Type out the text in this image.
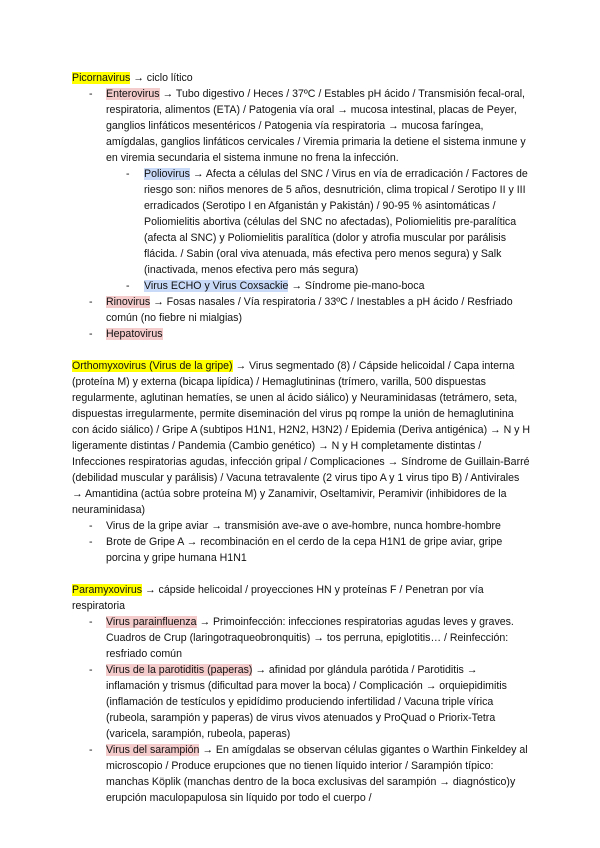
Picornavirus → ciclo lítico

- Enterovirus → Tubo digestivo / Heces / 37ºC / Estables pH ácido / Transmisión fecal-oral, respiratoria, alimentos (ETA) / Patogenia vía oral → mucosa intestinal, placas de Peyer, ganglios linfáticos mesentéricos / Patogenia vía respiratoria → mucosa faríngea, amígdalas, ganglios linfáticos cervicales / Viremia primaria la detiene el sistema inmune y en viremia secundaria el sistema inmune no frena la infección.
- Poliovirus → Afecta a células del SNC / Virus en vía de erradicación / Factores de riesgo son: niños menores de 5 años, desnutrición, clima tropical / Serotipo II y III erradicados (Serotipo I en Afganistán y Pakistán) / 90-95 % asintomáticas / Poliomielitis abortiva (células del SNC no afectadas), Poliomielitis pre-paralítica (afecta al SNC) y Poliomielitis paralítica (dolor y atrofia muscular por parálisis flácida. / Sabin (oral viva atenuada, más efectiva pero menos segura) y Salk (inactivada, menos efectiva pero más segura)
- Virus ECHO y Virus Coxsackie → Síndrome pie-mano-boca
- Rinovirus → Fosas nasales / Vía respiratoria / 33ºC / Inestables a pH ácido / Resfriado común (no fiebre ni mialgias)
- Hepatovirus

Orthomyxovirus (Virus de la gripe) → Virus segmentado (8) / Cápside helicoidal / Capa interna (proteína M) y externa (bicapa lipídica) / Hemaglutininas (trímero, varilla, 500 dispuestas regularmente, aglutinan hematíes, se unen al ácido siálico) y Neuraminidasas (tetrámero, seta, dispuestas irregularmente, permite diseminación del virus pq rompe la unión de hemaglutinina con ácido siálico) / Gripe A (subtipos H1N1, H2N2, H3N2) / Epidemia (Deriva antigénica) → N y H ligeramente distintas / Pandemia (Cambio genético) → N y H completamente distintas / Infecciones respiratorias agudas, infección gripal / Complicaciones → Síndrome de Guillain-Barré (debilidad muscular y parálisis) / Vacuna tetravalente (2 virus tipo A y 1 virus tipo B) / Antivirales → Amantidina (actúa sobre proteína M) y Zanamivir, Oseltamivir, Peramivir (inhibidores de la neuraminidasa)

- Virus de la gripe aviar → transmisión ave-ave o ave-hombre, nunca hombre-hombre
- Brote de Gripe A → recombinación en el cerdo de la cepa H1N1 de gripe aviar, gripe porcina y gripe humana H1N1

Paramyxovirus → cápside helicoidal / proyecciones HN y proteínas F / Penetran por vía respiratoria

- Virus parainfluenza → Primoinfección: infecciones respiratorias agudas leves y graves. Cuadros de Crup (laringotraqueobronquitis) → tos perruna, epiglotitis… / Reinfección: resfriado común
- Virus de la parotiditis (paperas) → afinidad por glándula parótida / Parotiditis → inflamación y trismus (dificultad para mover la boca) / Complicación → orquiepidimitis (inflamación de testículos y epidídimo produciendo infertilidad / Vacuna triple vírica (rubeola, sarampión y paperas) de virus vivos atenuados y ProQuad o Priorix-Tetra (varicela, sarampión, rubeola, paperas)
- Virus del sarampión → En amígdalas se observan células gigantes o Warthin Finkeldey al microscopio / Produce erupciones que no tienen líquido interior / Sarampión típico: manchas Köplik (manchas dentro de la boca exclusivas del sarampión → diagnóstico)y erupción maculopapulosa sin líquido por todo el cuerpo /
